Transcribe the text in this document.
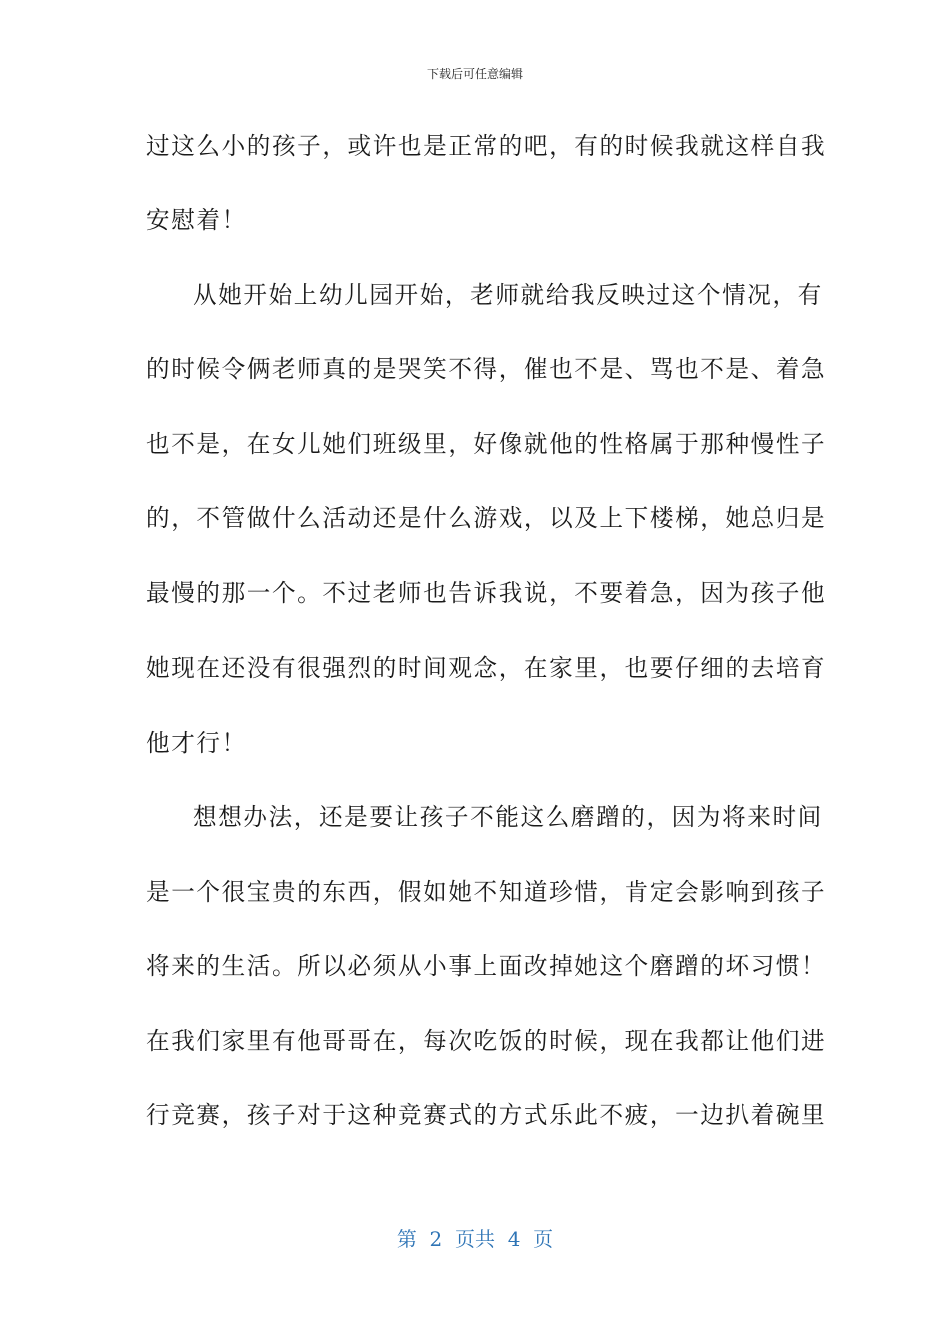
下载后可任意编辑
过这么小的孩子，或许也是正常的吧，有的时候我就这样自我
安慰着！
从她开始上幼儿园开始，老师就给我反映过这个情况，有
的时候令俩老师真的是哭笑不得，催也不是、骂也不是、着急
也不是，在女儿她们班级里，好像就他的性格属于那种慢性子
的，不管做什么活动还是什么游戏，以及上下楼梯，她总归是
最慢的那一个。不过老师也告诉我说，不要着急，因为孩子他
她现在还没有很强烈的时间观念，在家里，也要仔细的去培育
他才行！
想想办法，还是要让孩子不能这么磨蹭的，因为将来时间
是一个很宝贵的东西，假如她不知道珍惜，肯定会影响到孩子
将来的生活。所以必须从小事上面改掉她这个磨蹭的坏习惯！
在我们家里有他哥哥在，每次吃饭的时候，现在我都让他们进
行竞赛，孩子对于这种竞赛式的方式乐此不疲，一边扒着碗里
第  2  页共  4  页
